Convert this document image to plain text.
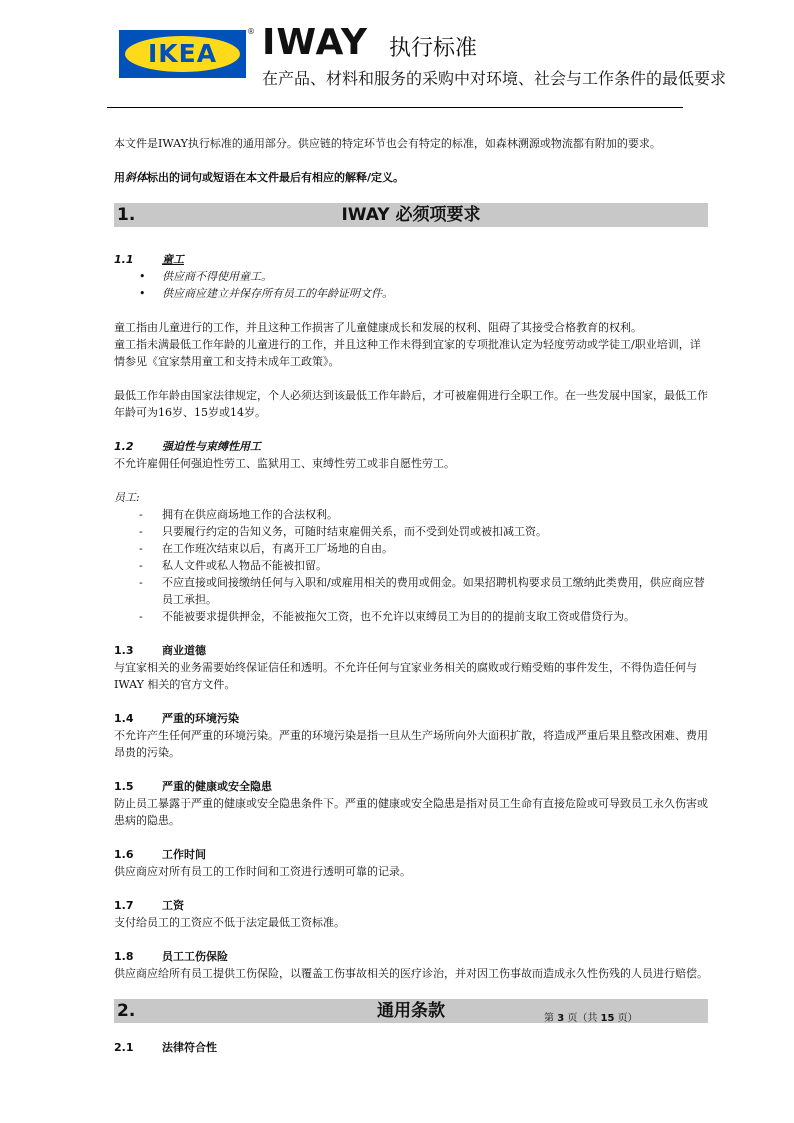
IKEA
® IWAY 执行标准
在产品、材料和服务的采购中对环境、社会与工作条件的最低要求

本文件是IWAY执行标准的通用部分。供应链的特定环节也会有特定的标准，如森林溯源或物流都有附加的要求。

用斜体标出的词句或短语在本文件最后有相应的解释/定义。

1.	IWAY 必须项要求
1.1	童工
• 供应商不得使用童工。
• 供应商应建立并保存所有员工的年龄证明文件。

童工指由儿童进行的工作，并且这种工作损害了儿童健康成长和发展的权利、阻碍了其接受合格教育的权利。

童工指未满最低工作年龄的儿童进行的工作，并且这种工作未得到宜家的专项批准认定为轻度劳动或学徒工/职业培训，详情参见《宜家禁用童工和支持未成年工政策》。

最低工作年龄由国家法律规定，个人必须达到该最低工作年龄后，才可被雇佣进行全职工作。在一些发展中国家，最低工作年龄可为16岁、15岁或14岁。

1.2	强迫性与束缚性用工

不允许雇佣任何强迫性劳工、监狱用工、束缚性劳工或非自愿性劳工。

员工:

- 拥有在供应商场地工作的合法权利。
- 只要履行约定的告知义务，可随时结束雇佣关系，而不受到处罚或被扣减工资。
- 在工作班次结束以后，有离开工厂场地的自由。
- 私人文件或私人物品不能被扣留。
- 不应直接或间接缴纳任何与入职和/或雇用相关的费用或佣金。如果招聘机构要求员工缴纳此类费用，供应商应替员工承担。
- 不能被要求提供押金，不能被拖欠工资，也不允许以束缚员工为目的的提前支取工资或借贷行为。
1.3	商业道德

与宜家相关的业务需要始终保证信任和透明。不允许任何与宜家业务相关的腐败或行贿受贿的事件发生，不得伪造任何与 IWAY 相关的官方文件。

1.4	严重的环境污染

不允许产生任何严重的环境污染。严重的环境污染是指一旦从生产场所向外大面积扩散，将造成严重后果且整改困难、费用昂贵的污染。

1.5	严重的健康或安全隐患

防止员工暴露于严重的健康或安全隐患条件下。严重的健康或安全隐患是指对员工生命有直接危险或可导致员工永久伤害或患病的隐患。

1.6	工作时间

供应商应对所有员工的工作时间和工资进行透明可靠的记录。

1.7	工资

支付给员工的工资应不低于法定最低工资标准。

1.8	员工工伤保险

供应商应给所有员工提供工伤保险，以覆盖工伤事故相关的医疗诊治，并对因工伤事故而造成永久性伤残的人员进行赔偿。

2.	通用条款
2.1	法律符合性
第 3 页（共 15 页）
